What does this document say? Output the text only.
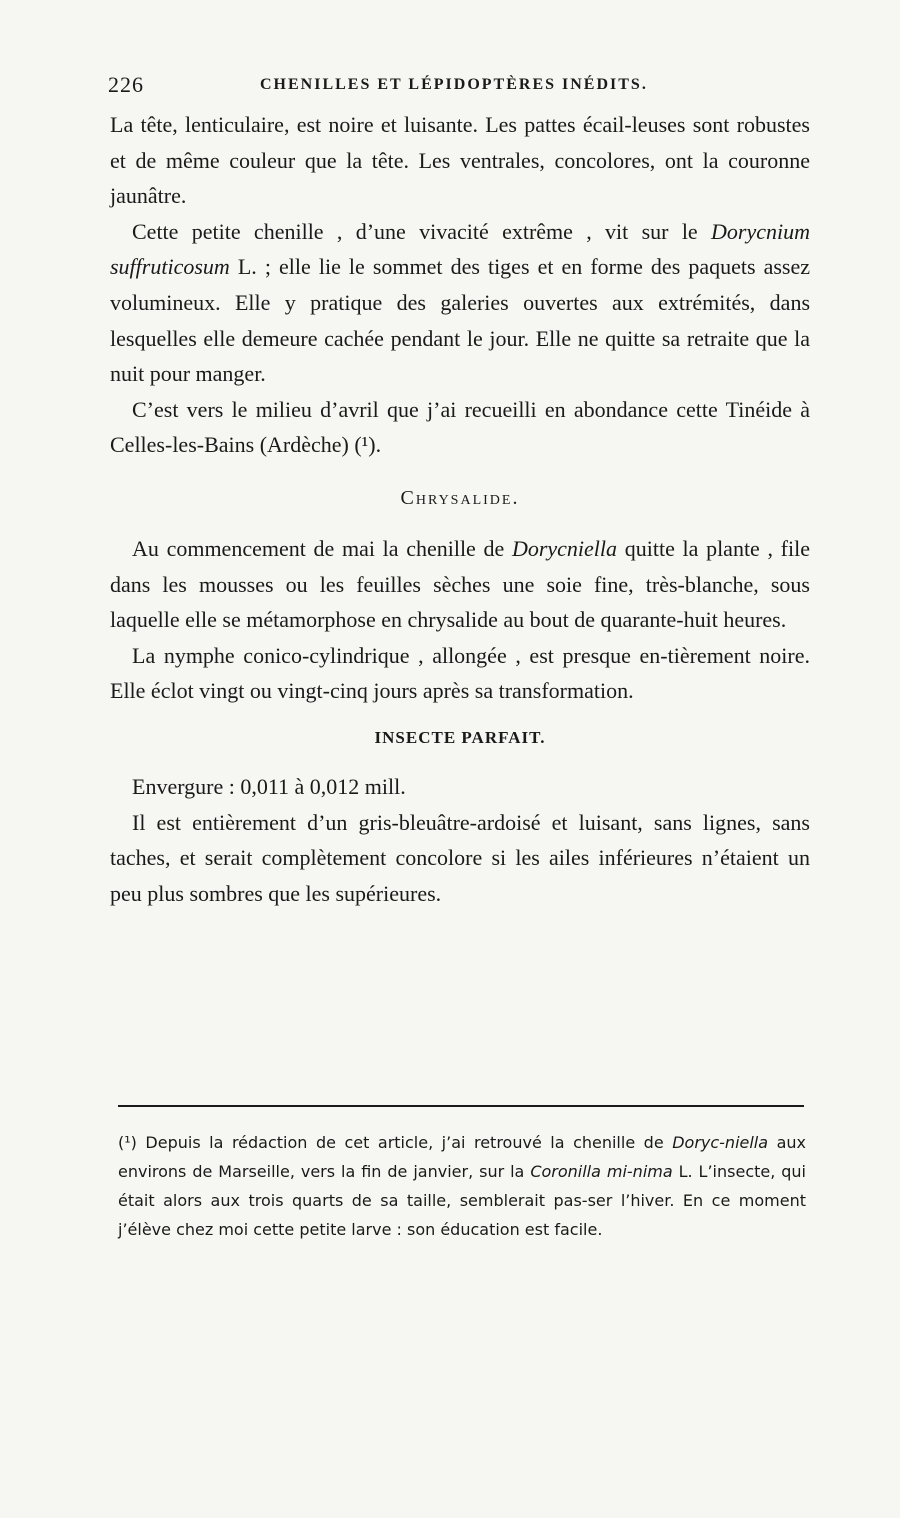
226	CHENILLES ET LÉPIDOPTÈRES INÉDITS.

La tête, lenticulaire, est noire et luisante. Les pattes écail-leuses sont robustes et de même couleur que la tête. Les ventrales, concolores, ont la couronne jaunâtre.

Cette petite chenille , d’une vivacité extrême , vit sur le Dorycnium suffruticosum L. ; elle lie le sommet des tiges et en forme des paquets assez volumineux. Elle y pratique des galeries ouvertes aux extrémités, dans lesquelles elle demeure cachée pendant le jour. Elle ne quitte sa retraite que la nuit pour manger.

C’est vers le milieu d’avril que j’ai recueilli en abondance cette Tinéide à Celles-les-Bains (Ardèche) (¹).

Chrysalide.

Au commencement de mai la chenille de Dorycniella quitte la plante , file dans les mousses ou les feuilles sèches une soie fine, très-blanche, sous laquelle elle se métamorphose en chrysalide au bout de quarante-huit heures.

La nymphe conico-cylindrique , allongée , est presque en-tièrement noire. Elle éclot vingt ou vingt-cinq jours après sa transformation.

INSECTE PARFAIT.

Envergure : 0,011 à 0,012 mill.

Il est entièrement d’un gris-bleuâtre-ardoisé et luisant, sans lignes, sans taches, et serait complètement concolore si les ailes inférieures n’étaient un peu plus sombres que les supérieures.

(¹) Depuis la rédaction de cet article, j’ai retrouvé la chenille de Doryc-niella aux environs de Marseille, vers la fin de janvier, sur la Coronilla mi-nima L. L’insecte, qui était alors aux trois quarts de sa taille, semblerait pas-ser l’hiver. En ce moment j’élève chez moi cette petite larve : son éducation est facile.
